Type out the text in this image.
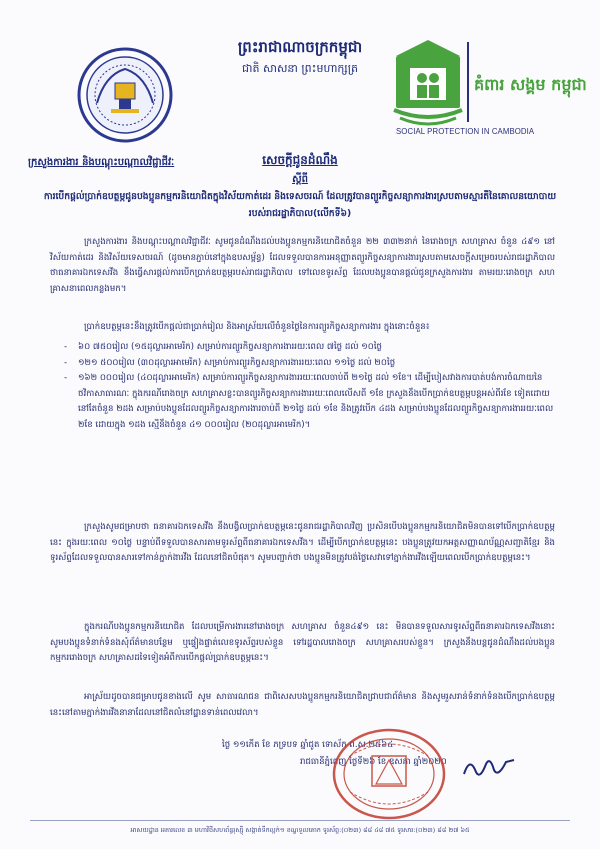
ព្រះរាជាណាចក្រកម្ពុជា
ជាតិ សាសនា ព្រះមហាក្សត្រ
គំពារ សង្គម កម្ពុជា
SOCIAL PROTECTION IN CAMBODIA
ក្រសួងការងារ និងបណ្តុះបណ្តាលវិជ្ជាជីវៈ	សេចក្តីជូនដំណឹង
ស្តីពី
ការបើកផ្តល់ប្រាក់ឧបត្ថម្ភជូនបងប្អូនកម្មករនិយោជិតក្នុងវិស័យកាត់ដេរ និងទេសចរណ៍ ដែលត្រូវបានព្យួរកិច្ចសន្យាការងារស្របតាមស្មារតីនៃគោលនយោបាយរបស់រាជរដ្ឋាភិបាល(លើកទី៦)
ក្រសួងការងារ និងបណ្តុះបណ្តាលវិជ្ជាជីវៈ សូមជូនដំណឹងដល់បងប្អូនកម្មករនិយោជិតចំនួន ២២ ៣៣២នាក់ នៃរោងចក្រ សហគ្រាស ចំនួន ៤៩១ នៅវិស័យកាត់ដេរ និងវិស័យទេសចរណ៍ (ដូចមានភ្ជាប់នៅក្នុងឧបសម្ព័ន្ធ) ដែលទទួលបានការអនុញ្ញាតព្យួរកិច្ចសន្យាការងារស្របតាមសេចក្តីសម្រេចរបស់រាជរដ្ឋាភិបាល ថាធនាគារឯកទេសវីង នឹងធ្វើសារផ្តល់ការបើកប្រាក់ឧបត្ថម្ភរបស់រាជរដ្ឋាភិបាល ទៅលេខទូរស័ព្ទ ដែលបងប្អូនបានផ្តល់ជូនក្រសួងការងារ តាមរយៈរោងចក្រ សហគ្រាសនាពេលកន្លងមក។
ប្រាក់ឧបត្ថម្ភនេះនឹងត្រូវបើកផ្តល់ជាប្រាក់រៀល និងអាស្រ័យលើចំនួនថ្ងៃនៃការព្យួរកិច្ចសន្យាការងារ ក្នុងនោះចំនួន៖
- ៦០ ៧៥០រៀល (១៥ដុល្លារអាមេរិក) សម្រាប់ការព្យួរកិច្ចសន្យាការងាររយៈពេល ៧ថ្ងៃ ដល់ ១០ថ្ងៃ
- ១២១ ៥០០រៀល (៣០ដុល្លារអាមេរិក) សម្រាប់ការព្យួរកិច្ចសន្យាការងាររយៈពេល ១១ថ្ងៃ ដល់ ២០ថ្ងៃ
- ១៦២ ០០០រៀល (៤០ដុល្លារអាមេរិក) សម្រាប់ការព្យួរកិច្ចសន្យាការងាររយៈពេលចាប់ពី ២១ថ្ងៃ ដល់ ១ខែ។ ដើម្បីបៀសវាងការបាត់បង់ការចំណាយនៃថវិកាសាធារណៈ ក្នុងករណីរោងចក្រ សហគ្រាសខ្លះបានព្យួរកិច្ចសន្យាការងាររយៈពេលលើសពី ១ខែ ក្រសួងនឹងបើកប្រាក់ឧបត្ថម្ភបន្តអស់ពីរខែ ទៀតដោយនៅតែចំនួន ២ដង សម្រាប់បងប្អូនដែលព្យួរកិច្ចសន្យាការងារចាប់ពី ២១ថ្ងៃ ដល់ ១ខែ និងត្រូវបើក ៤ដង សម្រាប់បងប្អូនដែលព្យួរកិច្ចសន្យាការងាររយៈពេល ២ខែ ដោយក្នុង ១ដង ស្មើនឹងចំនួន ៤១ ០០០រៀល (២០ដុល្លារអាមេរិក)។
ក្រសួងសូមជម្រាបថា ធនាគារឯកទេសវីង នឹងបង្វិលប្រាក់ឧបត្ថម្ភនេះជូនរាជរដ្ឋាភិបាលវិញ ប្រសិនបើបងប្អូនកម្មករនិយោជិតមិនបានទៅបើកប្រាក់ឧបត្ថម្ភនេះ ក្នុងរយៈពេល ១០ថ្ងៃ បន្ទាប់ពីទទួលបានសារតាមទូរស័ព្ទពីធនាគារឯកទេសវីង។ ដើម្បីបើកប្រាក់ឧបត្ថម្ភនេះ បងប្អូនត្រូវយកអត្តសញ្ញាណប័ណ្ណសញ្ជាតិខ្មែរ និងទូរស័ព្ទដែលទទួលបានសារទៅកាន់ភ្នាក់ងារវីង ដែលនៅជិតបំផុត។ សូមបញ្ជាក់ថា បងប្អូនមិនត្រូវបង់ថ្លៃសេវាទៅភ្នាក់ងារវីងឡើយពេលបើកប្រាក់ឧបត្ថម្ភនេះ។
ក្នុងករណីបងប្អូនកម្មករនិយោជិត ដែលបម្រើការងារនៅរោងចក្រ សហគ្រាស ចំនួន៤៩១ នេះ មិនបានទទួលសារទូរស័ព្ទពីធនាគារឯកទេសវីងនោះ សូមបងប្អូនទំនាក់ទំនងសុំព័ត៌មានបន្ថែម ឬផ្ទៀងផ្ទាត់លេខទូរស័ព្ទរបស់ខ្លួន ទៅរដ្ឋបាលរោងចក្រ សហគ្រាសរបស់ខ្លួន។ ក្រសួងនឹងបន្តជូនដំណឹងដល់បងប្អូនកម្មកររោងចក្រ សហគ្រាសដទៃទៀតអំពីការបើកផ្តល់ប្រាក់ឧបត្ថម្ភនេះ។
អាស្រ័យដូចបានជម្រាបជូនខាងលើ សូម សាធារណជន ជាពិសេសបងប្អូនកម្មករនិយោជិតជ្រាបជាព័ត៌មាន និងសូមរួសរាន់ទំនាក់ទំនងបើកប្រាក់ឧបត្ថម្ភនេះនៅតាមភ្នាក់ងារវីងនានាដែលនៅជិតលំនៅដ្ឋានទាន់ពេលវេលា។
ថ្ងៃ ១១កើត ខែ ភទ្របទ ឆ្នាំជូត ទោស័ក ព.ស.២៥៦៤
រាជធានីភ្នំពេញ ថ្ងៃទី២៦ ខែ ឧសភា ឆ្នាំ២០២០
អាសយដ្ឋាន អគារលេខ ៣ មហាវិថីសហព័ន្ធរុស្ស៊ី សង្កាត់ទឹកល្អក់១ ខណ្ឌទួលគោក ទូរស័ព្ទ:(០២៣) ៨៨ ៤៨ ៧៥ ទូរសារ:(០២៣) ៨៨ ២៧ ៦៥
